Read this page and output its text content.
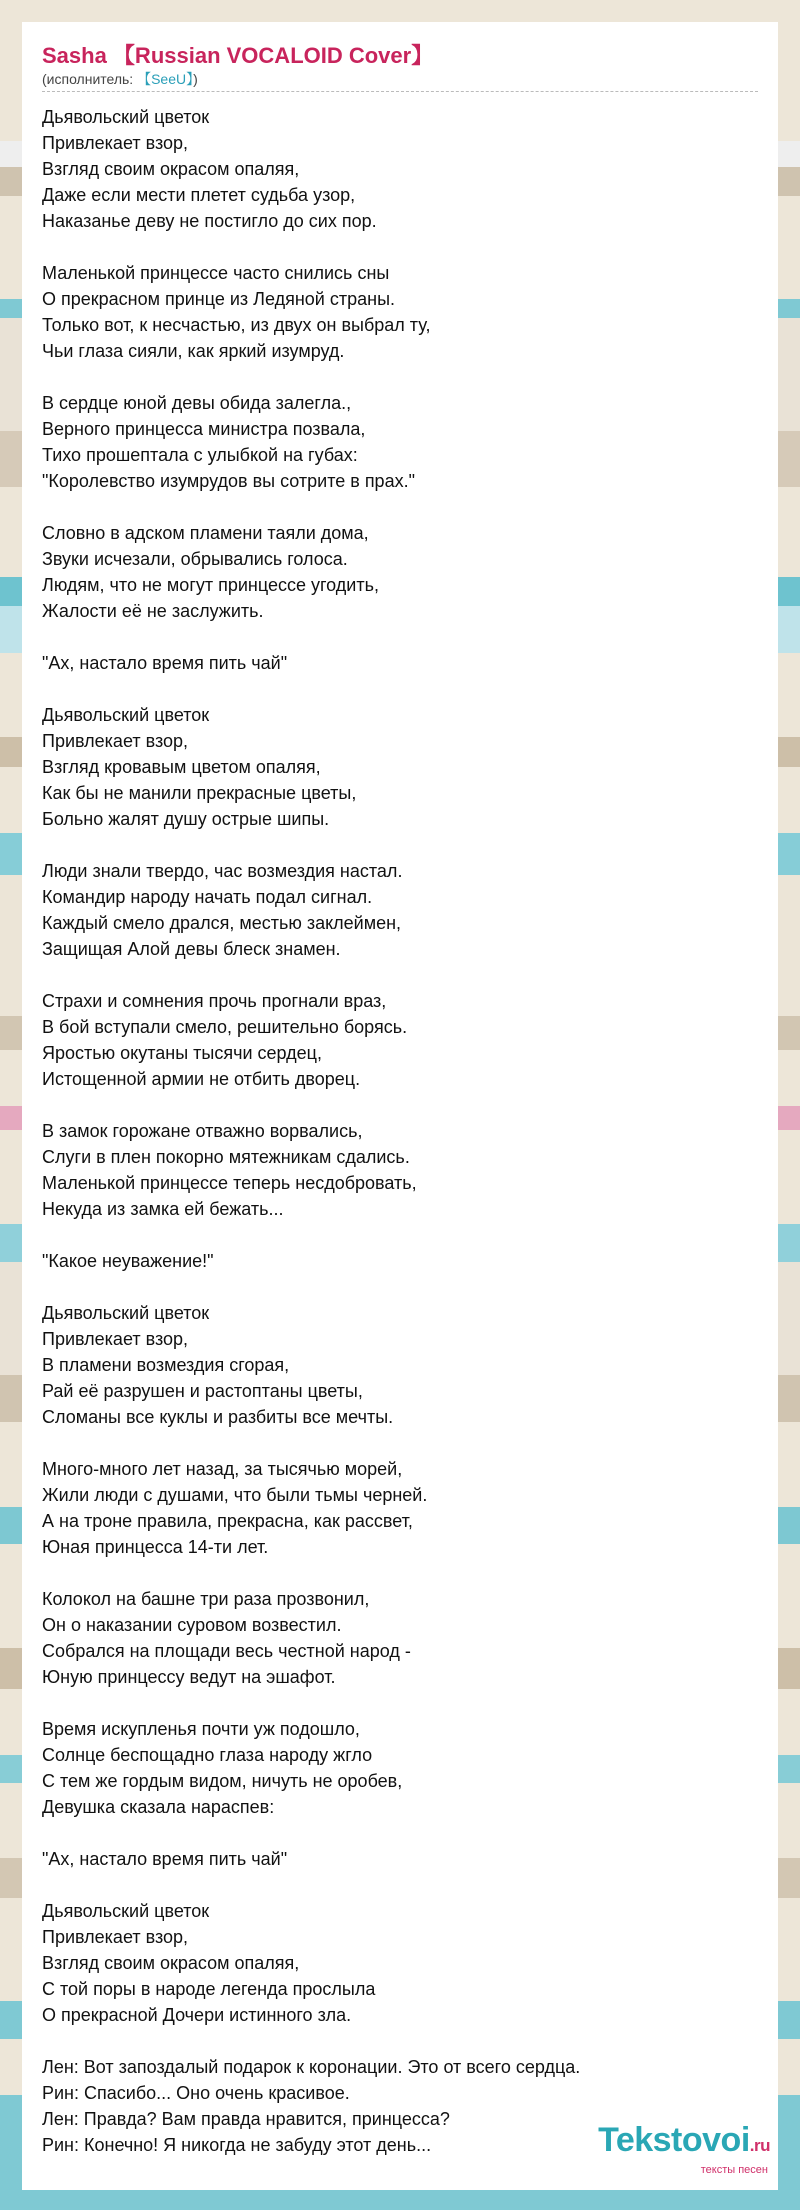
Sasha 【Russian VOCALOID Cover】
(исполнитель: 【SeeU】)
Дьявольский цветок
Привлекает взор,
Взгляд своим окрасом опаляя,
Даже если мести плетет судьба узор,
Наказанье деву не постигло до сих пор.
Маленькой принцессе часто снились сны
О прекрасном принце из Ледяной страны.
Только вот, к несчастью, из двух он выбрал ту,
Чьи глаза сияли, как яркий изумруд.
В сердце юной девы обида залегла.,
Верного принцесса министра позвала,
Тихо прошептала с улыбкой на губах:
"Королевство изумрудов вы сотрите в прах."
Словно в адском пламени таяли дома,
Звуки исчезали, обрывались голоса.
Людям, что не могут принцессе угодить,
Жалости её не заслужить.
"Ах, настало время пить чай"
Дьявольский цветок
Привлекает взор,
Взгляд кровавым цветом опаляя,
Как бы не манили прекрасные цветы,
Больно жалят душу острые шипы.
Люди знали твердо, час возмездия настал.
Командир народу начать подал сигнал.
Каждый смело дрался, местью заклеймен,
Защищая Алой девы блеск знамен.
Страхи и сомнения прочь прогнали враз,
В бой вступали смело, решительно борясь.
Яростью окутаны тысячи сердец,
Истощенной армии не отбить дворец.
В замок горожане отважно ворвались,
Слуги в плен покорно мятежникам сдались.
Маленькой принцессе теперь несдобровать,
Некуда из замка ей бежать...
"Какое неуважение!"
Дьявольский цветок
Привлекает взор,
В пламени возмездия сгорая,
Рай её разрушен и растоптаны цветы,
Сломаны все куклы и разбиты все мечты.
Много-много лет назад, за тысячью морей,
Жили люди с душами, что были тьмы черней.
А на троне правила, прекрасна, как рассвет,
Юная принцесса 14-ти лет.
Колокол на башне три раза прозвонил,
Он о наказании суровом возвестил.
Собрался на площади весь честной народ -
Юную принцессу ведут на эшафот.
Время искупленья почти уж подошло,
Солнце беспощадно глаза народу жгло
С тем же гордым видом, ничуть не оробев,
Девушка сказала нараспев:
"Ах, настало время пить чай"
Дьявольский цветок
Привлекает взор,
Взгляд своим окрасом опаляя,
С той поры в народе легенда прослыла
О прекрасной Дочери истинного зла.
Лен: Вот запоздалый подарок к коронации. Это от всего сердца.
Рин: Спасибо... Оно очень красивое.
Лен: Правда? Вам правда нравится, принцесса?
Рин: Конечно! Я никогда не забуду этот день...	Tekstovoi.ru
тексты песен
